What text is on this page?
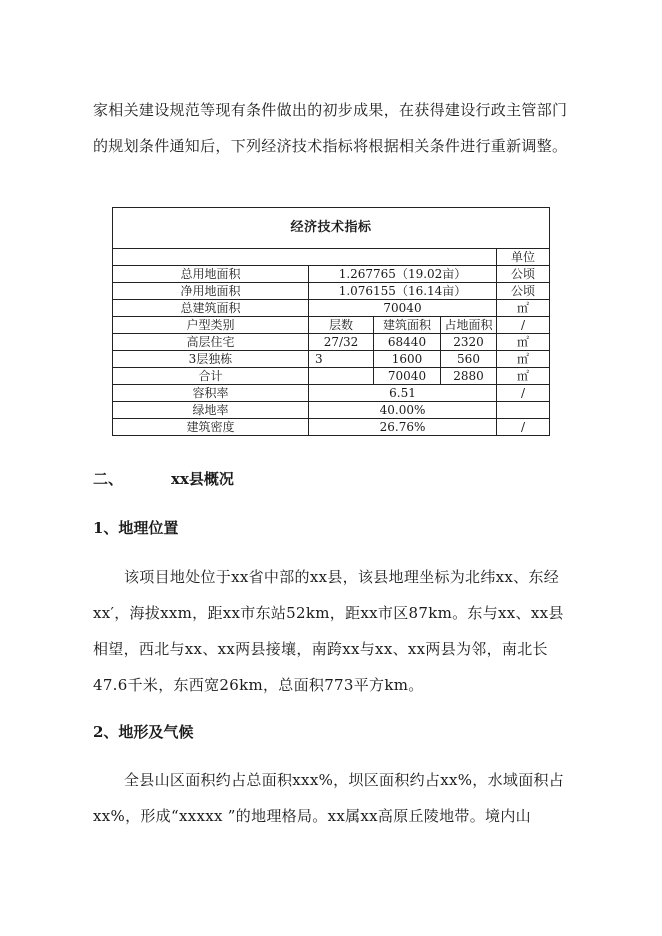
家相关建设规范等现有条件做出的初步成果，在获得建设行政主管部门的规划条件通知后，下列经济技术指标将根据相关条件进行重新调整。

经济技术指标				
				单位
总用地面积	1.267765（19.02亩）			公顷
净用地面积	1.076155（16.14亩）			公顷
总建筑面积	70040			㎡
户型类别	层数	建筑面积	占地面积	/
高层住宅	27/32	68440	2320	㎡
3层独栋	3	1600	560	㎡
合计		70040	2880	㎡
容积率	6.51			/
绿地率	40.00%			
建筑密度	26.76%			/

二、	xx县概况

1、地理位置

该项目地处位于xx省中部的xx县，该县地理坐标为北纬xx、东经xx′，海拔xxm，距xx市东站52km，距xx市区87km。东与xx、xx县相望，西北与xx、xx两县接壤，南跨xx与xx、xx两县为邻，南北长47.6千米，东西宽26km，总面积773平方km。

2、地形及气候

全县山区面积约占总面积xxx%，坝区面积约占xx%，水域面积占xx%，形成“xxxxx ”的地理格局。xx属xx高原丘陵地带。境内山
